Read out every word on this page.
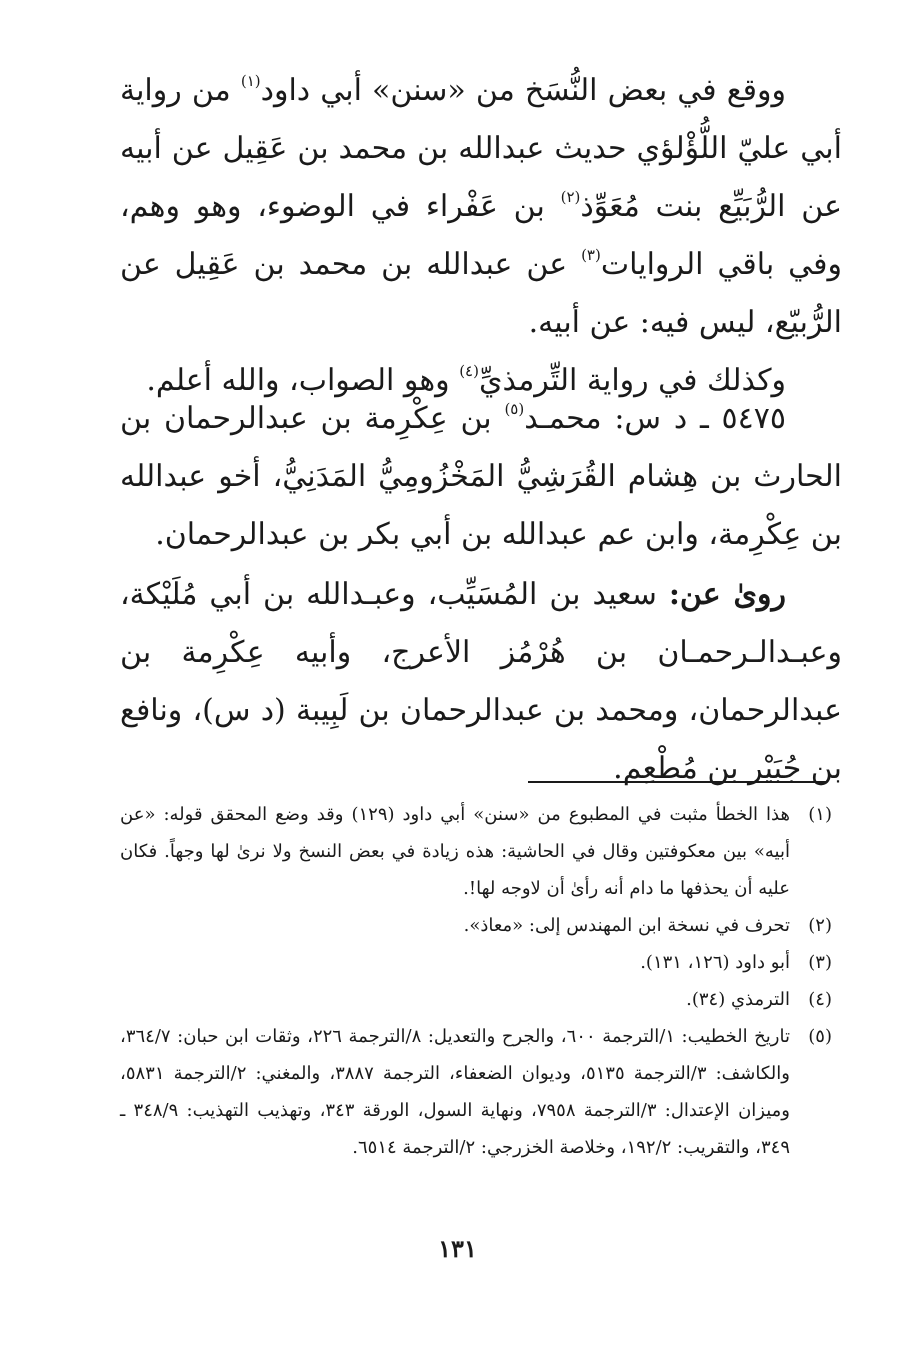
ووقع في بعض النُّسَخ من «سنن» أبي داود$^{(١)}$ من رواية أبي عليّ اللُّؤْلؤي حديث عبدالله بن محمد بن عَقِيل عن أبيه عن الرُّبَيِّع بنت مُعَوِّذ$^{(٢)}$ بن عَفْراء في الوضوء، وهو وهم، وفي باقي الروايات$^{(٣)}$ عن عبدالله بن محمد بن عَقِيل عن الرُّبيّع، ليس فيه: عن أبيه.

وكذلك في رواية التِّرمذيِّ$^{(٤)}$ وهو الصواب، والله أعلم.

٥٤٧٥ ـ د س: محمـد$^{(٥)}$ بن عِكْرِمة بن عبدالرحمان بن الحارث بن هِشام القُرَشِيُّ المَخْزُومِيُّ المَدَنِيُّ، أخو عبدالله بن عِكْرِمة، وابن عم عبدالله بن أبي بكر بن عبدالرحمان.

روىٰ عن: سعيد بن المُسَيِّب، وعبـدالله بن أبي مُلَيْكة، وعبـدالـرحمـان بن هُرْمُز الأعرج، وأبيه عِكْرِمة بن عبدالرحمان، ومحمد بن عبدالرحمان بن لَبِيبة (د س)، ونافع بن جُبَيْر بن مُطْعِم.

(١)
هذا الخطأ مثبت في المطبوع من «سنن» أبي داود (١٢٩) وقد وضع المحقق قوله: «عن أبيه» بين معكوفتين وقال في الحاشية: هذه زيادة في بعض النسخ ولا نرىٰ لها وجهاً. فكان عليه أن يحذفها ما دام أنه رأىٰ أن لاوجه لها!.
(٢)
تحرف في نسخة ابن المهندس إلى: «معاذ».
(٣)
أبو داود (١٢٦، ١٣١).
(٤)
الترمذي (٣٤).
(٥)
تاريخ الخطيب: ١/الترجمة ٦٠٠، والجرح والتعديل: ٨/الترجمة ٢٢٦، وثقات ابن حبان: ٣٦٤/٧، والكاشف: ٣/الترجمة ٥١٣٥، وديوان الضعفاء، الترجمة ٣٨٨٧، والمغني: ٢/الترجمة ٥٨٣١، وميزان الإعتدال: ٣/الترجمة ٧٩٥٨، ونهاية السول، الورقة ٣٤٣، وتهذيب التهذيب: ٣٤٨/٩ ـ ٣٤٩، والتقريب: ١٩٢/٢، وخلاصة الخزرجي: ٢/الترجمة ٦٥١٤.
١٣١
